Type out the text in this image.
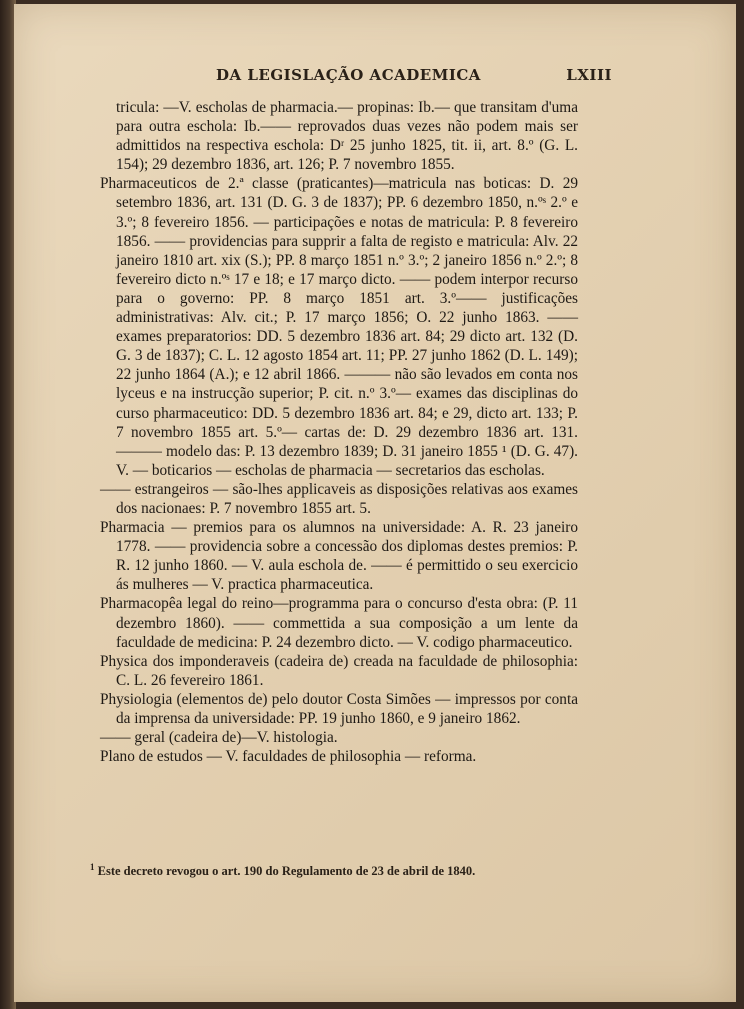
DA LEGISLAÇÃO ACADEMICA	LXIII

tricula: —V. escholas de pharmacia.— propinas: Ib.— que transitam d'uma para outra eschola: Ib.—— reprovados duas vezes não podem mais ser admittidos na respectiva eschola: Dʳ 25 junho 1825, tit. ii, art. 8.º (G. L. 154); 29 dezembro 1836, art. 126; P. 7 novembro 1855.

Pharmaceuticos de 2.ª classe (praticantes)—matricula nas boticas: D. 29 setembro 1836, art. 131 (D. G. 3 de 1837); PP. 6 dezembro 1850, n.ºˢ 2.º e 3.º; 8 fevereiro 1856. — participações e notas de matricula: P. 8 fevereiro 1856. —— providencias para supprir a falta de registo e matricula: Alv. 22 janeiro 1810 art. xix (S.); PP. 8 março 1851 n.º 3.º; 2 janeiro 1856 n.º 2.º; 8 fevereiro dicto n.ºˢ 17 e 18; e 17 março dicto. —— podem interpor recurso para o governo: PP. 8 março 1851 art. 3.º—— justificações administrativas: Alv. cit.; P. 17 março 1856; O. 22 junho 1863. —— exames preparatorios: DD. 5 dezembro 1836 art. 84; 29 dicto art. 132 (D. G. 3 de 1837); C. L. 12 agosto 1854 art. 11; PP. 27 junho 1862 (D. L. 149); 22 junho 1864 (A.); e 12 abril 1866. ——— não são levados em conta nos lyceus e na instrucção superior; P. cit. n.º 3.º— exames das disciplinas do curso pharmaceutico: DD. 5 dezembro 1836 art. 84; e 29, dicto art. 133; P. 7 novembro 1855 art. 5.º— cartas de: D. 29 dezembro 1836 art. 131. ——— modelo das: P. 13 dezembro 1839; D. 31 janeiro 1855 ¹ (D. G. 47). V. — boticarios — escholas de pharmacia — secretarios das escholas.

—— estrangeiros — são-lhes applicaveis as disposições relativas aos exames dos nacionaes: P. 7 novembro 1855 art. 5.

Pharmacia — premios para os alumnos na universidade: A. R. 23 janeiro 1778. —— providencia sobre a concessão dos diplomas destes premios: P. R. 12 junho 1860. — V. aula eschola de. —— é permittido o seu exercicio ás mulheres — V. practica pharmaceutica.

Pharmacopêa legal do reino—programma para o concurso d'esta obra: (P. 11 dezembro 1860). —— commettida a sua composição a um lente da faculdade de medicina: P. 24 dezembro dicto. — V. codigo pharmaceutico.

Physica dos imponderaveis (cadeira de) creada na faculdade de philosophia: C. L. 26 fevereiro 1861.

Physiologia (elementos de) pelo doutor Costa Simões — impressos por conta da imprensa da universidade: PP. 19 junho 1860, e 9 janeiro 1862.

—— geral (cadeira de)—V. histologia.

Plano de estudos — V. faculdades de philosophia — reforma.

$^1$ Este decreto revogou o art. 190 do Regulamento de 23 de abril de 1840.
